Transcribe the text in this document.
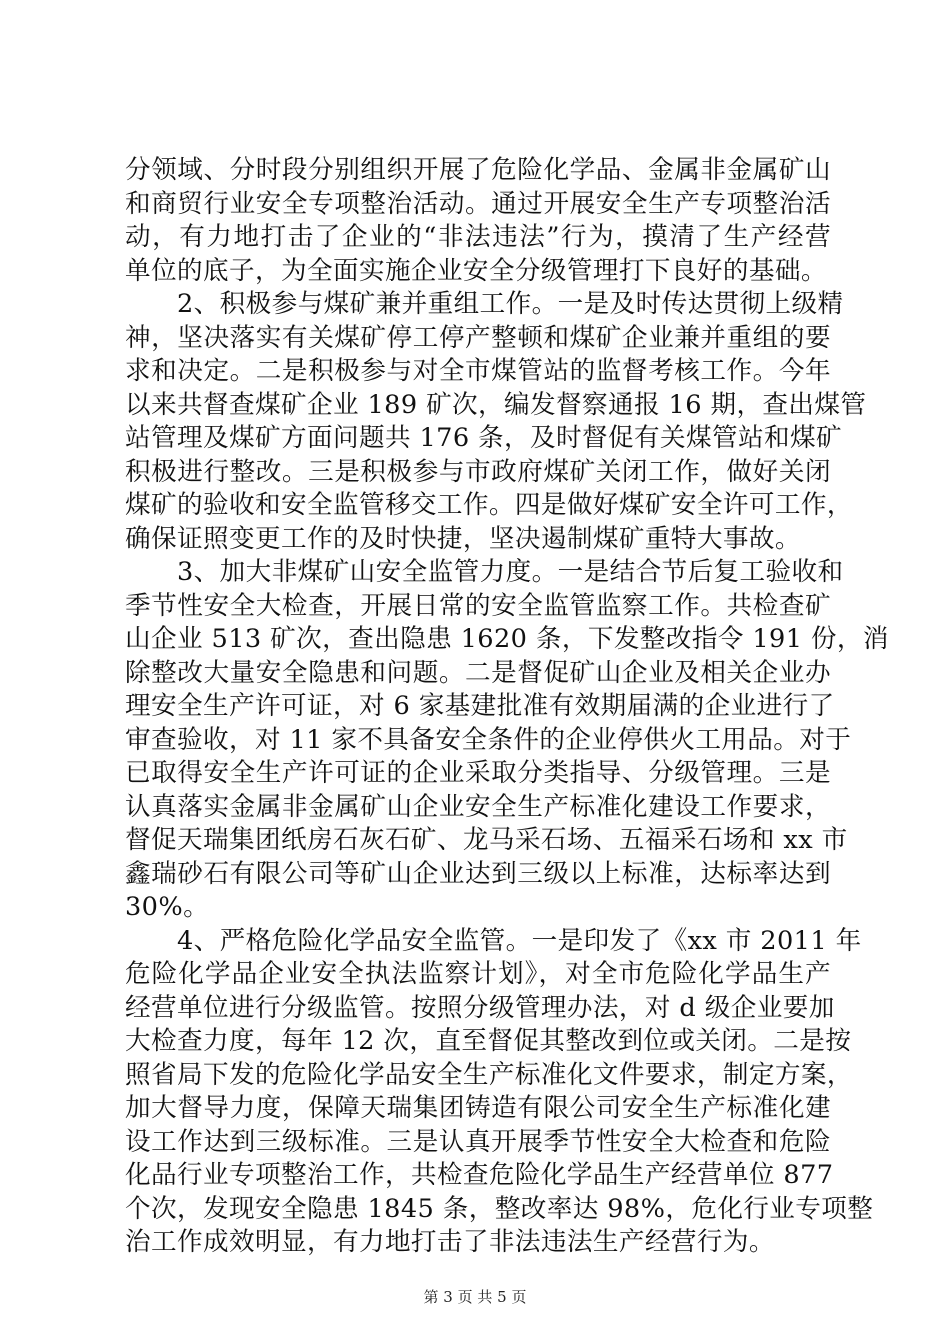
分领域、分时段分别组织开展了危险化学品、金属非金属矿山
和商贸行业安全专项整治活动。通过开展安全生产专项整治活
动，有力地打击了企业的“非法违法”行为，摸清了生产经营
单位的底子，为全面实施企业安全分级管理打下良好的基础。
2、积极参与煤矿兼并重组工作。一是及时传达贯彻上级精
神，坚决落实有关煤矿停工停产整顿和煤矿企业兼并重组的要
求和决定。二是积极参与对全市煤管站的监督考核工作。今年
以来共督查煤矿企业 189 矿次，编发督察通报 16 期，查出煤管
站管理及煤矿方面问题共 176 条，及时督促有关煤管站和煤矿
积极进行整改。三是积极参与市政府煤矿关闭工作，做好关闭
煤矿的验收和安全监管移交工作。四是做好煤矿安全许可工作，
确保证照变更工作的及时快捷，坚决遏制煤矿重特大事故。
3、加大非煤矿山安全监管力度。一是结合节后复工验收和
季节性安全大检查，开展日常的安全监管监察工作。共检查矿
山企业 513 矿次，查出隐患 1620 条，下发整改指令 191 份，消
除整改大量安全隐患和问题。二是督促矿山企业及相关企业办
理安全生产许可证，对 6 家基建批准有效期届满的企业进行了
审查验收，对 11 家不具备安全条件的企业停供火工用品。对于
已取得安全生产许可证的企业采取分类指导、分级管理。三是
认真落实金属非金属矿山企业安全生产标准化建设工作要求，
督促天瑞集团纸房石灰石矿、龙马采石场、五福采石场和 xx 市
鑫瑞砂石有限公司等矿山企业达到三级以上标准，达标率达到
30%。
4、严格危险化学品安全监管。一是印发了《xx 市 2011 年
危险化学品企业安全执法监察计划》，对全市危险化学品生产
经营单位进行分级监管。按照分级管理办法，对 d 级企业要加
大检查力度，每年 12 次，直至督促其整改到位或关闭。二是按
照省局下发的危险化学品安全生产标准化文件要求，制定方案，
加大督导力度，保障天瑞集团铸造有限公司安全生产标准化建
设工作达到三级标准。三是认真开展季节性安全大检查和危险
化品行业专项整治工作，共检查危险化学品生产经营单位 877
个次，发现安全隐患 1845 条，整改率达 98%，危化行业专项整
治工作成效明显，有力地打击了非法违法生产经营行为。
第 3 页 共 5 页
